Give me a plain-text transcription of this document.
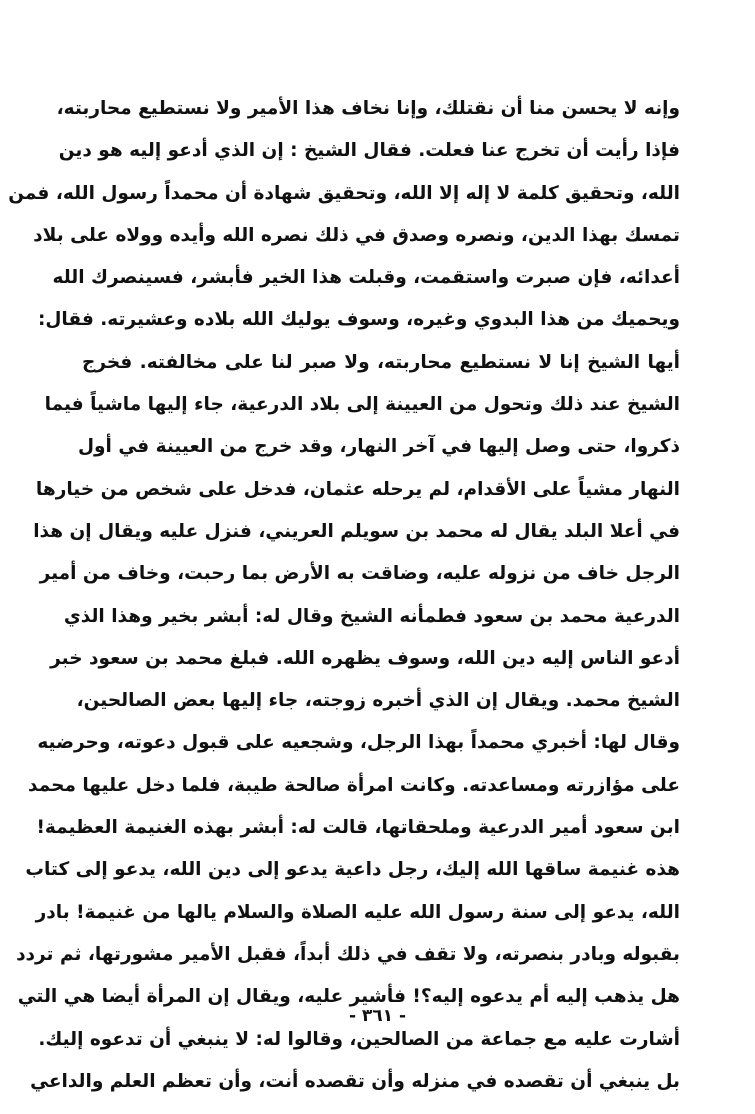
وإنه لا يحسن منا أن نقتلك، وإنا نخاف هذا الأمير ولا نستطيع محاربته،
فإذا رأيت أن تخرج عنا فعلت. فقال الشيخ : إن الذي أدعو إليه هو دين
الله، وتحقيق كلمة لا إله إلا الله، وتحقيق شهادة أن محمداً رسول الله، فمن
تمسك بهذا الدين، ونصره وصدق في ذلك نصره الله وأيده وولاه على بلاد
أعدائه، فإن صبرت واستقمت، وقبلت هذا الخير فأبشر، فسينصرك الله
ويحميك من هذا البدوي وغيره، وسوف يوليك الله بلاده وعشيرته. فقال:
أيها الشيخ إنا لا نستطيع محاربته، ولا صبر لنا على مخالفته. فخرج
الشيخ عند ذلك وتحول من العيينة إلى بلاد الدرعية، جاء إليها ماشياً فيما
ذكروا، حتى وصل إليها في آخر النهار، وقد خرج من العيينة في أول
النهار مشياً على الأقدام، لم يرحله عثمان، فدخل على شخص من خيارها
في أعلا البلد يقال له محمد بن سويلم العريني، فنزل عليه ويقال إن هذا
الرجل خاف من نزوله عليه، وضاقت به الأرض بما رحبت، وخاف من أمير
الدرعية محمد بن سعود فطمأنه الشيخ وقال له: أبشر بخير وهذا الذي
أدعو الناس إليه دين الله، وسوف يظهره الله. فبلغ محمد بن سعود خبر
الشيخ محمد. ويقال إن الذي أخبره زوجته، جاء إليها بعض الصالحين،
وقال لها: أخبري محمداً بهذا الرجل، وشجعيه على قبول دعوته، وحرضيه
على مؤازرته ومساعدته. وكانت امرأة صالحة طيبة، فلما دخل عليها محمد
ابن سعود أمير الدرعية وملحقاتها، قالت له: أبشر بهذه الغنيمة العظيمة!
هذه غنيمة ساقها الله إليك، رجل داعية يدعو إلى دين الله، يدعو إلى كتاب
الله، يدعو إلى سنة رسول الله عليه الصلاة والسلام يالها من غنيمة! بادر
بقبوله وبادر بنصرته، ولا تقف في ذلك أبداً، فقبل الأمير مشورتها، ثم تردد
هل يذهب إليه أم يدعوه إليه؟! فأشير عليه، ويقال إن المرأة أيضا هي التي
أشارت عليه مع جماعة من الصالحين، وقالوا له: لا ينبغي أن تدعوه إليك.
بل ينبغي أن تقصده في منزله وأن تقصده أنت، وأن تعظم العلم والداعي
- ٣٦١ -
